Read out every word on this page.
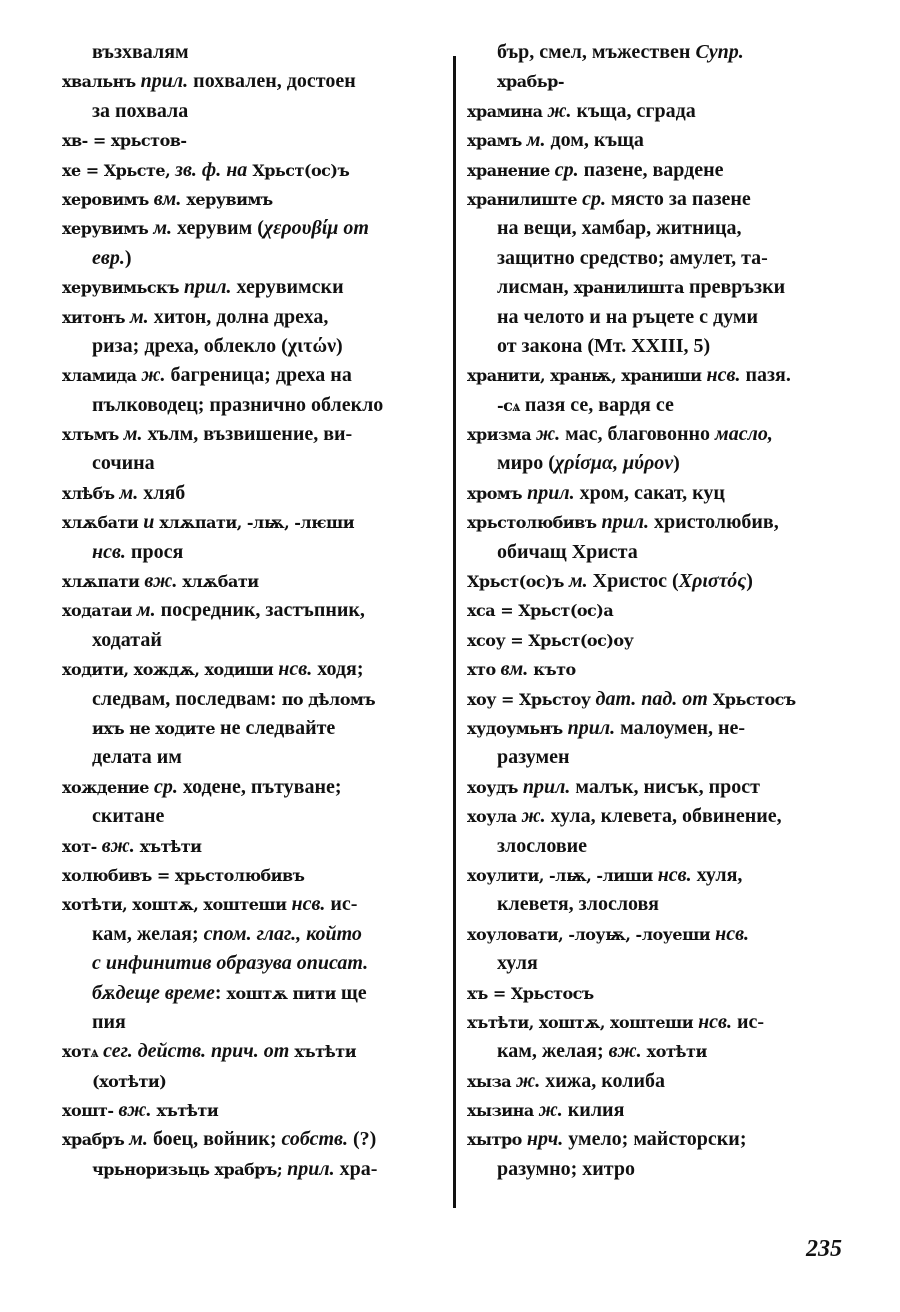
възхвалям
хвальнъ прил. похвален, достоен
за похвала
хв- = хрьстов-
хе = Хрьсте, зв. ф. на Хрьст(ос)ъ
херовимъ вм. херувимъ
херувимъ м. херувим (χερουβίμ от
евр.)
херувимьскъ прил. херувимски
хитонъ м. хитон, долна дреха,
риза; дреха, облекло (χιτών)
хламида ж. багреница; дреха на
пълководец; празнично облекло
хлъмъ м. хълм, възвишение, ви-
сочина
хлѣбъ м. хляб
хлѫбати и хлѫпати, -лѭ, -лѥши
нсв. прося
хлѫпати вж. хлѫбати
ходатаи м. посредник, застъпник,
ходатай
ходити, хождѫ, ходиши нсв. ходя;
следвам, последвам: по дѣломъ
ихъ не ходите не следвайте
делата им
хождение ср. ходене, пътуване;
скитане
хот- вж. хътѣти
холюбивъ = хрьстолюбивъ
хотѣти, хоштѫ, хоштеши нсв. ис-
кам, желая; спом. глаг., който
с инфинитив образува описат.
бѫдеще време: хоштѫ пити ще
пия
хотѧ сег. действ. прич. от хътѣти
(хотѣти)
хошт- вж. хътѣти
храбръ м. боец, войник; собств. (?)
чрьноризьць храбръ; прил. хра-
бър, смел, мъжествен Супр.
храбьр-
храмина ж. къща, сграда
храмъ м. дом, къща
хранение ср. пазене, вардене
хранилиште ср. място за пазене
на вещи, хамбар, житница,
защитно средство; амулет, та-
лисман, хранилишта превръзки
на челото и на ръцете с думи
от закона (Мт. XXIII, 5)
хранити, хранѭ, храниши нсв. пазя.
-сѧ пазя се, вардя се
хризма ж. мас, благовонно масло,
миро (χρίσμα, μύρον)
хромъ прил. хром, сакат, куц
хрьстолюбивъ прил. христолюбив,
обичащ Христа
Хрьст(ос)ъ м. Христос (Χριστός)
хса = Хрьст(ос)а
хсоу = Хрьст(ос)оу
хто вм. къто
хоу = Хрьстоу дат. пад. от Хрьстосъ
худоумьнъ прил. малоумен, не-
разумен
хоудъ прил. малък, нисък, прост
хоула ж. хула, клевета, обвинение,
злословие
хоулити, -лѭ, -лиши нсв. хуля,
клеветя, злословя
хоуловати, -лоуѭ, -лоуеши нсв.
хуля
хъ = Хрьстосъ
хътѣти, хоштѫ, хоштеши нсв. ис-
кам, желая; вж. хотѣти
хыза ж. хижа, колиба
хызина ж. килия
хытро нрч. умело; майсторски;
разумно; хитро
235
